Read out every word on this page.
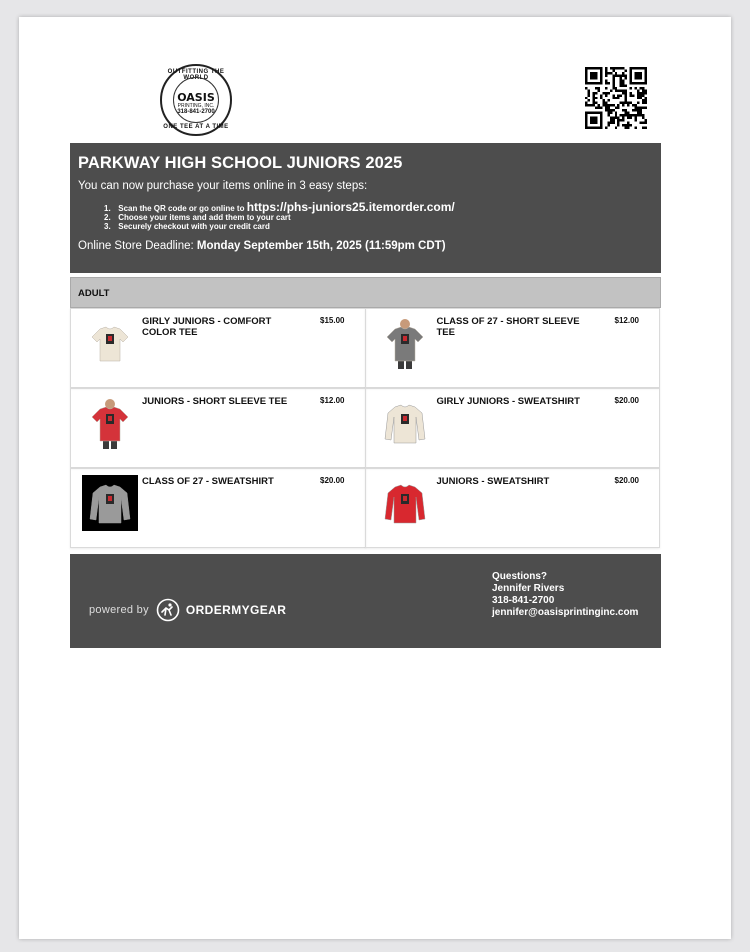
OUTFITTING THE WORLD
OASIS
PRINTING, INC.
318-841-2700
ONE TEE AT A TIME
PARKWAY HIGH SCHOOL JUNIORS 2025
You can now purchase your items online in 3 easy steps:
1. Scan the QR code or go online to https://phs-juniors25.itemorder.com/
2. Choose your items and add them to your cart
3. Securely checkout with your credit card
Online Store Deadline: Monday September 15th, 2025 (11:59pm CDT)
ADULT
GIRLY JUNIORS - COMFORT COLOR TEE
$15.00	CLASS OF 27 - SHORT SLEEVE TEE
$12.00
JUNIORS - SHORT SLEEVE TEE	$12.00	GIRLY JUNIORS - SWEATSHIRT	$20.00
CLASS OF 27 - SWEATSHIRT	$20.00	JUNIORS - SWEATSHIRT	$20.00
powered by	ORDERMYGEAR
Questions?
Jennifer Rivers
318-841-2700
jennifer@oasisprintinginc.com
